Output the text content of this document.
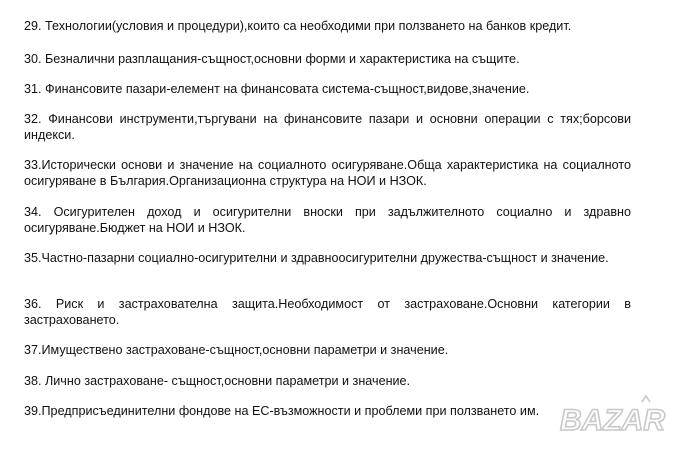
29. Технологии(условия и процедури),които са необходими при ползването на банков кредит.

30. Безналични разплащания-същност,основни форми и характеристика на същите.

31. Финансовите пазари-елемент на финансовата система-същност,видове,значение.

32. Финансови инструменти,търгувани на финансовите пазари и основни операции с тях;борсови индекси.

33.Исторически основи и значение на социалното осигуряване.Обща характеристика на социалното осигуряване в България.Организационна структура на НОИ и НЗОК.

34. Осигурителен доход и осигурителни вноски при задължителното социално и здравно осигуряване.Бюджет на НОИ и НЗОК.

35.Частно-пазарни социално-осигурителни и здравноосигурителни дружества-същност и значение.

36. Риск и застрахователна защита.Необходимост от застраховане.Основни категории в застраховането.

37.Имуществено застраховане-същност,основни параметри и значение.

38. Лично застраховане- същност,основни параметри и значение.

39.Предприсъединителни фондове на ЕС-възможности и проблеми при ползването им. BAZAR
